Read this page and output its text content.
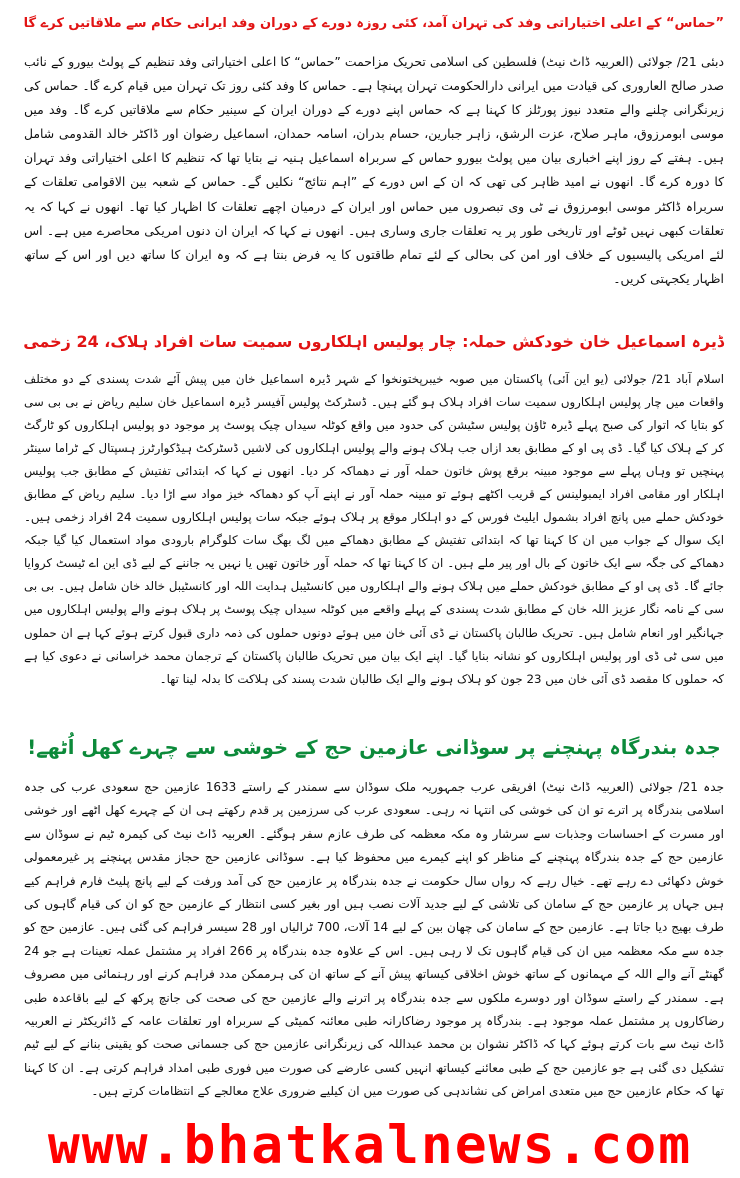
”حماس“ کے اعلی اختیاراتی وفد کی تہران آمد، کئی روزہ دورے کے دوران وفد ایرانی حکام سے ملاقاتیں کرے گا

دبئی 21/ جولائی (العربیہ ڈاٹ نیٹ) فلسطین کی اسلامی تحریک مزاحمت ”حماس“ کا اعلی اختیاراتی وفد تنظیم کے پولٹ بیورو کے نائب صدر صالح العاروری کی قیادت میں ایرانی دارالحکومت تہران پہنچا ہے۔ حماس کا وفد کئی روز تک تہران میں قیام کرے گا۔ حماس کی زیرنگرانی چلنے والے متعدد نیوز پورٹلز کا کہنا ہے کہ حماس اپنے دورے کے دوران ایران کے سینیر حکام سے ملاقاتیں کرے گا۔ وفد میں موسی ابومرزوق، ماہر صلاح، عزت الرشق، زاہر جبارین، حسام بدران، اسامہ حمدان، اسماعیل رضوان اور ڈاکٹر خالد القدومی شامل ہیں۔ ہفتے کے روز اپنے اخباری بیان میں پولٹ بیورو حماس کے سربراہ اسماعیل ہنیہ نے بتایا تھا کہ تنظیم کا اعلی اختیاراتی وفد تہران کا دورہ کرے گا۔ انھوں نے امید ظاہر کی تھی کہ ان کے اس دورے کے ”اہم نتائج“ نکلیں گے۔ حماس کے شعبہ بین الاقوامی تعلقات کے سربراہ ڈاکٹر موسی ابومرزوق نے ٹی وی تبصروں میں حماس اور ایران کے درمیان اچھے تعلقات کا اظہار کیا تھا۔ انھوں نے کہا کہ یہ تعلقات کبھی نہیں ٹوٹے اور تاریخی طور پر یہ تعلقات جاری وساری ہیں۔ انھوں نے کہا کہ ایران ان دنوں امریکی محاصرے میں ہے۔ اس لئے امریکی پالیسیوں کے خلاف اور امن کی بحالی کے لئے تمام طاقتوں کا یہ فرض بنتا ہے کہ وہ ایران کا ساتھ دیں اور اس کے ساتھ اظہار یکجہتی کریں۔

ڈیرہ اسماعیل خان خودکش حملہ: چار پولیس اہلکاروں سمیت سات افراد ہلاک، 24 زخمی

اسلام آباد 21/ جولائی (یو این آئی) پاکستان میں صوبہ خیبرپختونخوا کے شہر ڈیرہ اسماعیل خان میں پیش آئے شدت پسندی کے دو مختلف واقعات میں چار پولیس اہلکاروں سمیت سات افراد ہلاک ہو گئے ہیں۔ ڈسٹرکٹ پولیس آفیسر ڈیرہ اسماعیل خان سلیم ریاض نے بی بی سی کو بتایا کہ اتوار کی صبح پہلے ڈیرہ ٹاؤن پولیس سٹیشن کی حدود میں واقع کوٹلہ سیداں چیک پوسٹ پر موجود دو پولیس اہلکاروں کو ٹارگٹ کر کے ہلاک کیا گیا۔ ڈی پی او کے مطابق بعد ازاں جب ہلاک ہونے والے پولیس اہلکاروں کی لاشیں ڈسٹرکٹ ہیڈکوارٹرز ہسپتال کے ٹراما سینٹر پہنچیں تو وہاں پہلے سے موجود مبینہ برقع پوش خاتون حملہ آور نے دھماکہ کر دیا۔ انھوں نے کہا کہ ابتدائی تفتیش کے مطابق جب پولیس اہلکار اور مقامی افراد ایمبولینس کے قریب اکٹھے ہوئے تو مبینہ حملہ آور نے اپنے آپ کو دھماکہ خیز مواد سے اڑا دیا۔ سلیم ریاض کے مطابق خودکش حملے میں پانچ افراد بشمول ایلیٹ فورس کے دو اہلکار موقع پر ہلاک ہوئے جبکہ سات پولیس اہلکاروں سمیت 24 افراد زخمی ہیں۔ ایک سوال کے جواب میں ان کا کہنا تھا کہ ابتدائی تفتیش کے مطابق دھماکے میں لگ بھگ سات کلوگرام بارودی مواد استعمال کیا گیا جبکہ دھماکے کی جگہ سے ایک خاتون کے بال اور پیر ملے ہیں۔ ان کا کہنا تھا کہ حملہ آور خاتون تھیں یا نہیں یہ جاننے کے لیے ڈی این اے ٹیسٹ کروایا جائے گا۔ ڈی پی او کے مطابق خودکش حملے میں ہلاک ہونے والے اہلکاروں میں کانسٹیبل ہدایت اللہ اور کانسٹیبل خالد خان شامل ہیں۔ بی بی سی کے نامہ نگار عزیز اللہ خان کے مطابق شدت پسندی کے پہلے واقعے میں کوٹلہ سیداں چیک پوسٹ پر ہلاک ہونے والے پولیس اہلکاروں میں جہانگیر اور انعام شامل ہیں۔ تحریک طالبان پاکستان نے ڈی آئی خان میں ہوئے دونوں حملوں کی ذمہ داری قبول کرتے ہوئے کہا ہے ان حملوں میں سی ٹی ڈی اور پولیس اہلکاروں کو نشانہ بنایا گیا۔ اپنے ایک بیان میں تحریک طالبان پاکستان کے ترجمان محمد خراسانی نے دعوی کیا ہے کہ حملوں کا مقصد ڈی آئی خان میں 23 جون کو ہلاک ہونے والے ایک طالبان شدت پسند کی ہلاکت کا بدلہ لینا تھا۔

جدہ بندرگاہ پہنچنے پر سوڈانی عازمین حج کے خوشی سے چہرے کھل اُٹھے!

جدہ 21/ جولائی (العربیہ ڈاٹ نیٹ) افریقی عرب جمہوریہ ملک سوڈان سے سمندر کے راستے 1633 عازمین حج سعودی عرب کی جدہ اسلامی بندرگاہ پر اترے تو ان کی خوشی کی انتہا نہ رہی۔ سعودی عرب کی سرزمین پر قدم رکھتے ہی ان کے چہرے کھل اٹھے اور خوشی اور مسرت کے احساسات وجذبات سے سرشار وہ مکہ معظمہ کی طرف عازم سفر ہوگئے۔ العربیہ ڈاٹ نیٹ کی کیمرہ ٹیم نے سوڈان سے عازمین حج کے جدہ بندرگاہ پہنچنے کے مناظر کو اپنے کیمرے میں محفوظ کیا ہے۔ سوڈانی عازمین حج حجاز مقدس پہنچنے پر غیرمعمولی خوش دکھائی دے رہے تھے۔ خیال رہے کہ رواں سال حکومت نے جدہ بندرگاہ پر عازمین حج کی آمد ورفت کے لیے پانچ پلیٹ فارم فراہم کیے ہیں جہاں پر عازمین حج کے سامان کی تلاشی کے لیے جدید آلات نصب ہیں اور بغیر کسی انتظار کے عازمین حج کو ان کی قیام گاہوں کی طرف بھیج دیا جاتا ہے۔ عازمین حج کے سامان کی چھان بین کے لیے 14 آلات، 700 ٹرالیاں اور 28 سیسر فراہم کی گئی ہیں۔ عازمین حج کو جدہ سے مکہ معظمہ میں ان کی قیام گاہوں تک لا رہی ہیں۔ اس کے علاوہ جدہ بندرگاہ پر 266 افراد پر مشتمل عملہ تعینات ہے جو 24 گھنٹے آنے والے اللہ کے مہمانوں کے ساتھ خوش اخلاقی کیساتھ پیش آنے کے ساتھ ان کی ہرممکن مدد فراہم کرنے اور رہنمائی میں مصروف ہے۔ سمندر کے راستے سوڈان اور دوسرے ملکوں سے جدہ بندرگاہ پر اترنے والے عازمین حج کی صحت کی جانچ پرکھ کے لیے باقاعدہ طبی رضاکاروں پر مشتمل عملہ موجود ہے۔ بندرگاہ پر موجود رضاکارانہ طبی معائنہ کمیٹی کے سربراہ اور تعلقات عامہ کے ڈائریکٹر نے العربیہ ڈاٹ نیٹ سے بات کرتے ہوئے کہا کہ ڈاکٹر نشوان بن محمد عبداللہ کی زیرنگرانی عازمین حج کی جسمانی صحت کو یقینی بنانے کے لیے ٹیم تشکیل دی گئی ہے جو عازمین حج کے طبی معائنے کیساتھ انہیں کسی عارضے کی صورت میں فوری طبی امداد فراہم کرتی ہے۔ ان کا کہنا تھا کہ حکام عازمین حج میں متعدی امراض کی نشاندہی کی صورت میں ان کیلیے ضروری علاج معالجے کے انتظامات کرتے ہیں۔

www.bhatkalnews.com
